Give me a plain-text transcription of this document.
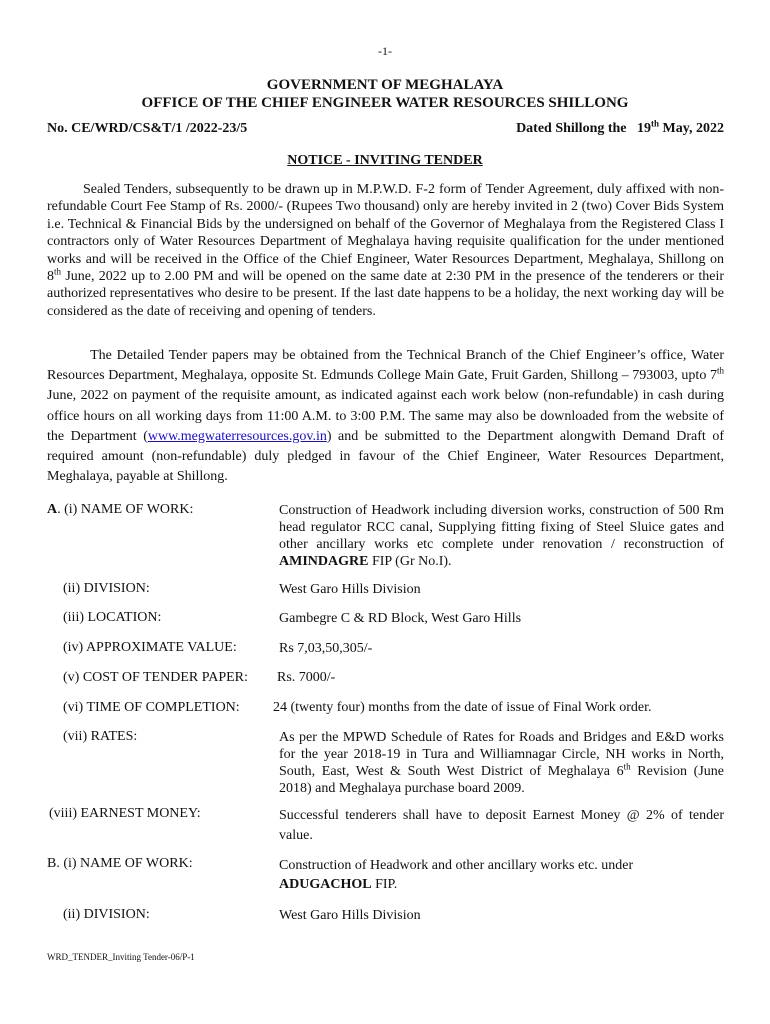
-1-
GOVERNMENT OF MEGHALAYA
OFFICE OF THE CHIEF ENGINEER WATER RESOURCES SHILLONG
No. CE/WRD/CS&T/1 /2022-23/5	Dated Shillong the 19th May, 2022
NOTICE - INVITING TENDER
Sealed Tenders, subsequently to be drawn up in M.P.W.D. F-2 form of Tender Agreement, duly affixed with non-refundable Court Fee Stamp of Rs. 2000/- (Rupees Two thousand) only are hereby invited in 2 (two) Cover Bids System i.e. Technical & Financial Bids by the undersigned on behalf of the Governor of Meghalaya from the Registered Class I contractors only of Water Resources Department of Meghalaya having requisite qualification for the under mentioned works and will be received in the Office of the Chief Engineer, Water Resources Department, Meghalaya, Shillong on 8th June, 2022 up to 2.00 PM and will be opened on the same date at 2:30 PM in the presence of the tenderers or their authorized representatives who desire to be present. If the last date happens to be a holiday, the next working day will be considered as the date of receiving and opening of tenders.
The Detailed Tender papers may be obtained from the Technical Branch of the Chief Engineer’s office, Water Resources Department, Meghalaya, opposite St. Edmunds College Main Gate, Fruit Garden, Shillong – 793003, upto 7th June, 2022 on payment of the requisite amount, as indicated against each work below (non-refundable) in cash during office hours on all working days from 11:00 A.M. to 3:00 P.M. The same may also be downloaded from the website of the Department (www.megwaterresources.gov.in) and be submitted to the Department alongwith Demand Draft of required amount (non-refundable) duly pledged in favour of the Chief Engineer, Water Resources Department, Meghalaya, payable at Shillong.
A. (i) NAME OF WORK:	Construction of Headwork including diversion works, construction of 500 Rm head regulator RCC canal, Supplying fitting fixing of Steel Sluice gates and other ancillary works etc complete under renovation / reconstruction of AMINDAGRE FIP (Gr No.I).
(ii) DIVISION:	West Garo Hills Division
(iii) LOCATION:	Gambegre C & RD Block, West Garo Hills
(iv) APPROXIMATE VALUE:	Rs 7,03,50,305/-
(v) COST OF TENDER PAPER: Rs. 7000/-
(vi) TIME OF COMPLETION: 24 (twenty four) months from the date of issue of Final Work order.
(vii) RATES:	As per the MPWD Schedule of Rates for Roads and Bridges and E&D works for the year 2018-19 in Tura and Williamnagar Circle, NH works in North, South, East, West & South West District of Meghalaya 6th Revision (June 2018) and Meghalaya purchase board 2009.
(viii) EARNEST MONEY:	Successful tenderers shall have to deposit Earnest Money @ 2% of tender value.
B. (i) NAME OF WORK:	Construction of Headwork and other ancillary works etc. under
ADUGACHOL FIP.
(ii) DIVISION:	West Garo Hills Division
WRD_TENDER_Inviting Tender-06/P-1
